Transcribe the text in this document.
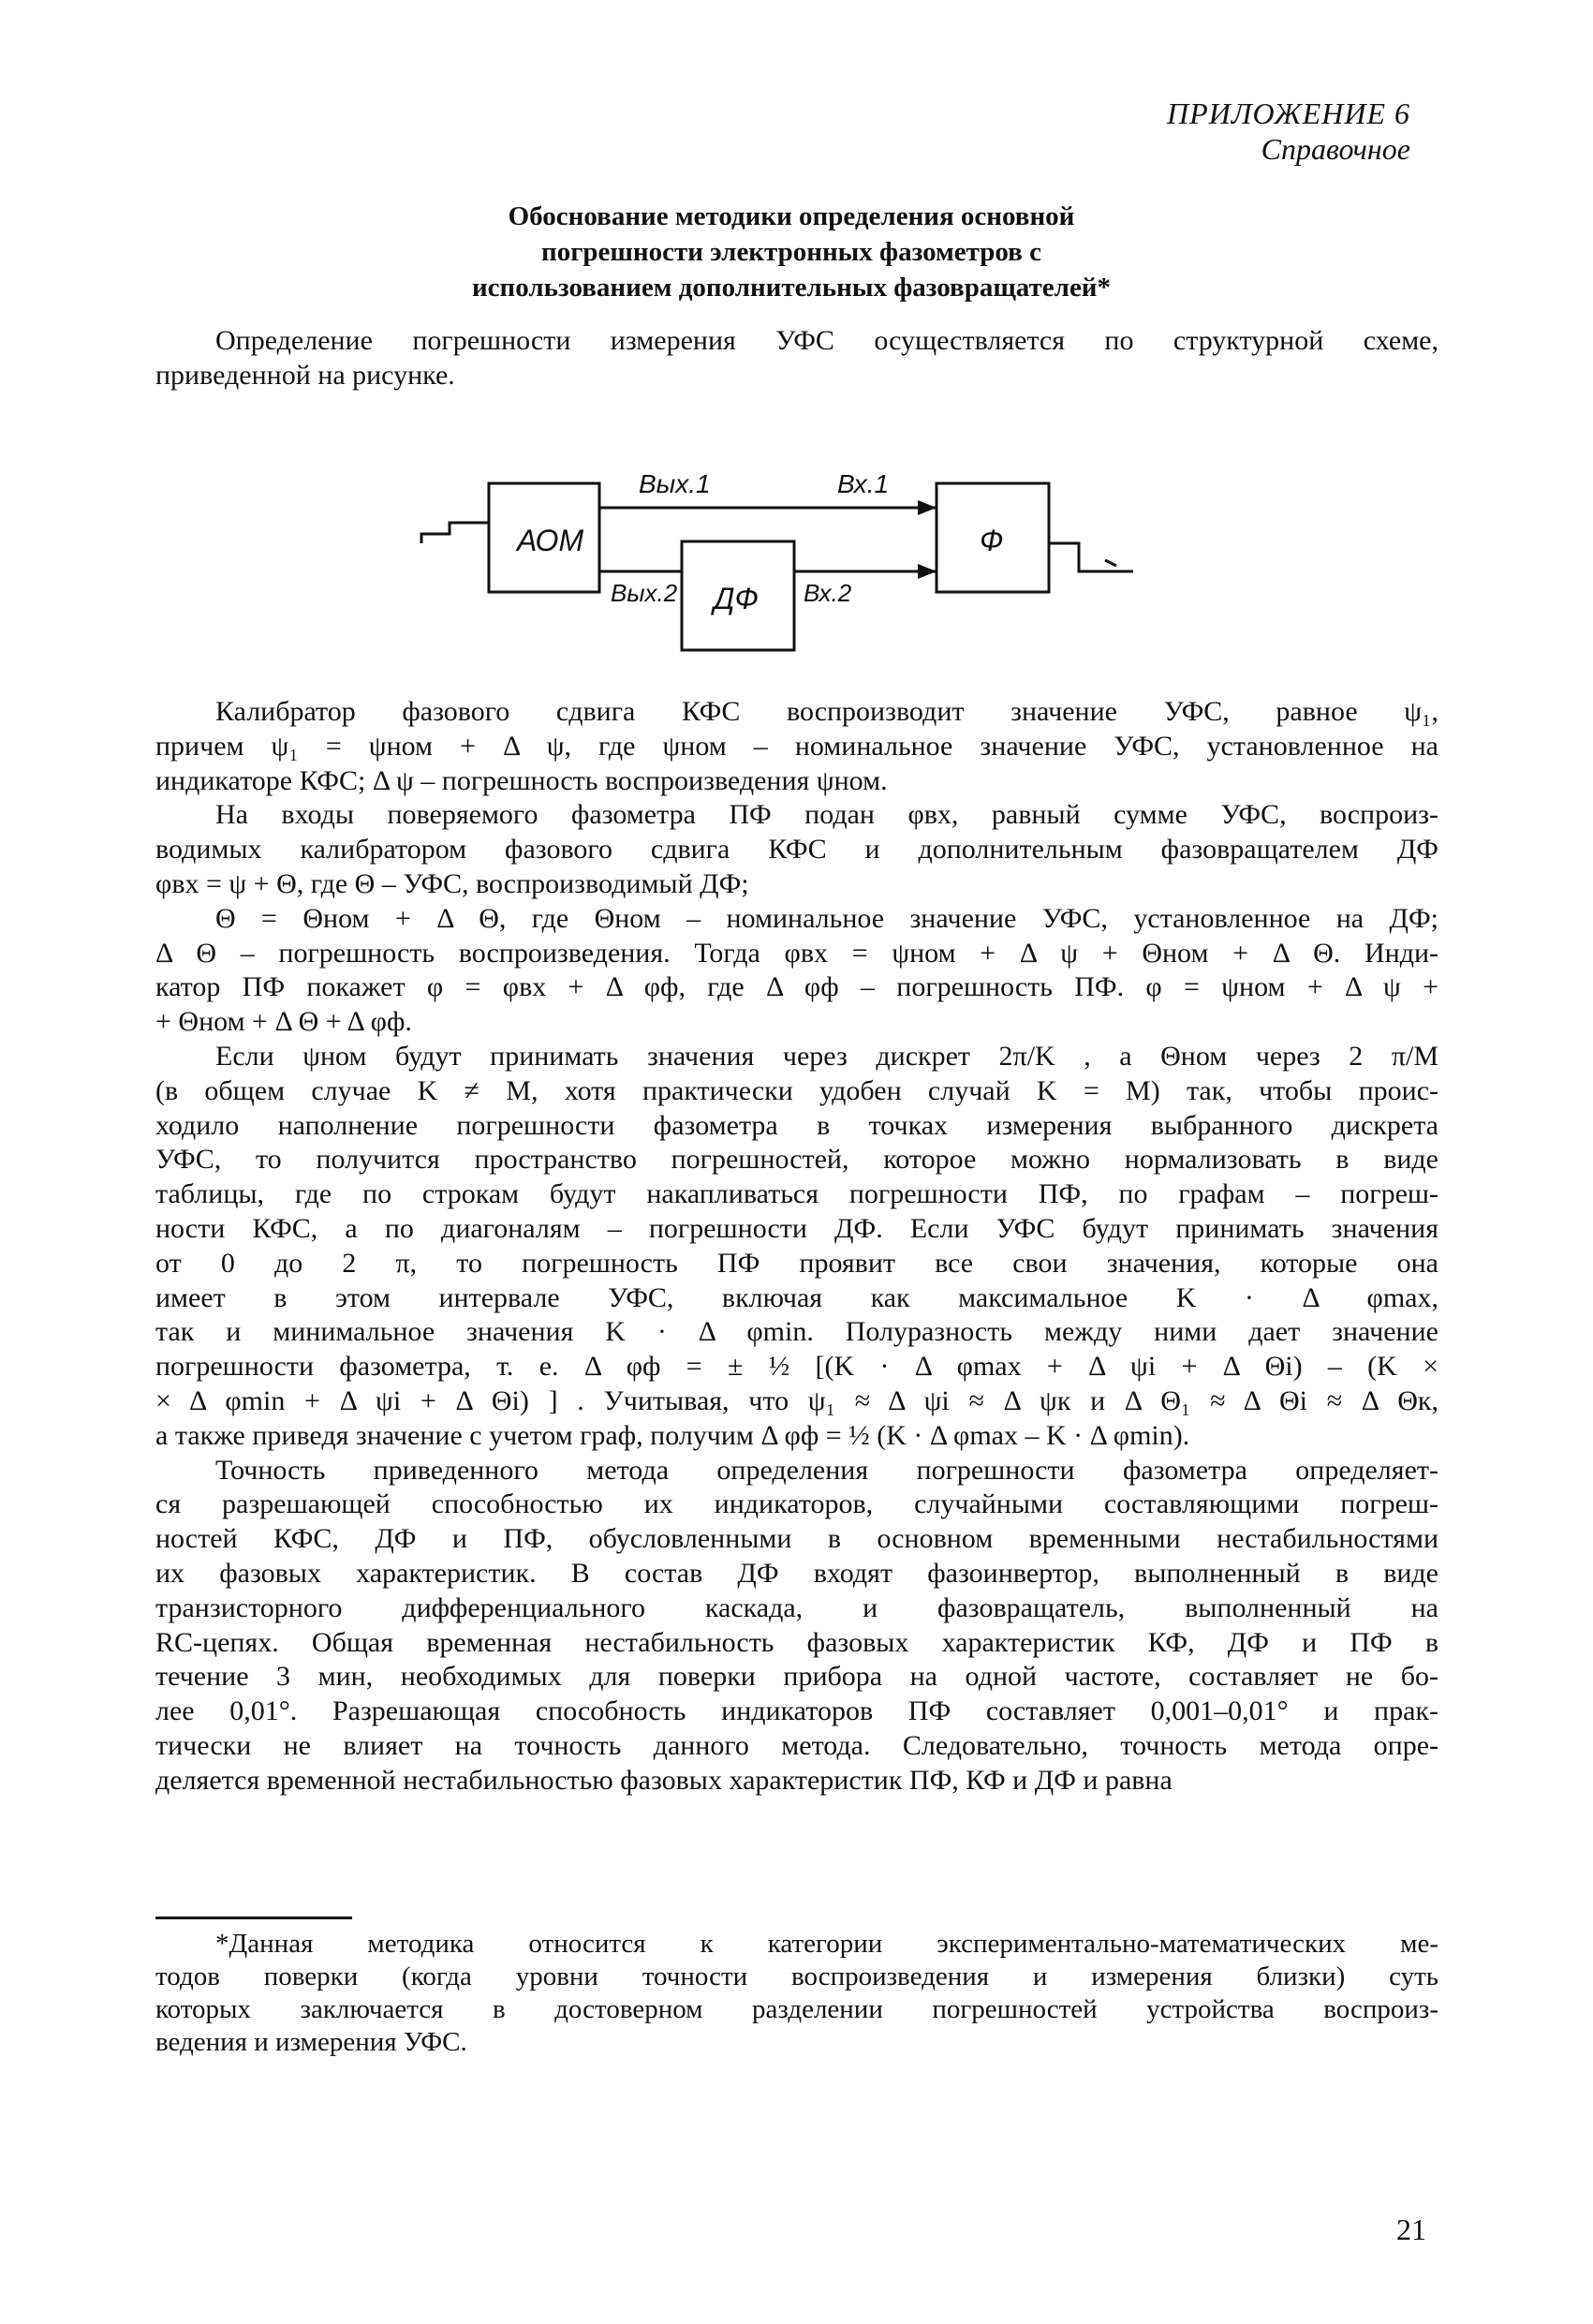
ПРИЛОЖЕНИЕ 6
Справочное
Обоснование методики определения основной
погрешности электронных фазометров с
использованием дополнительных фазовращателей*
Определение погрешности измерения УФС осуществляется по структурной схеме,
приведенной на рисунке.
АОМ
ДФ
Ф
Вых.1	Вх.1
Вых.2	Вх.2
Калибратор фазового сдвига КФС воспроизводит значение УФС, равное ψ₁,
причем ψ₁ = ψном + Δ ψ, где ψном – номинальное значение УФС, установленное на
индикаторе КФС; Δ ψ – погрешность воспроизведения ψном.
На входы поверяемого фазометра ПФ подан φвх, равный сумме УФС, воспроиз-
водимых калибратором фазового сдвига КФС и дополнительным фазовращателем ДФ
φвх = ψ + Θ, где Θ – УФС, воспроизводимый ДФ;
Θ = Θном + Δ Θ, где Θном – номинальное значение УФС, установленное на ДФ;
Δ Θ – погрешность воспроизведения. Тогда φвх = ψном + Δ ψ + Θном + Δ Θ. Инди-
катор ПФ покажет φ = φвх + Δ φф, где Δ φф – погрешность ПФ. φ = ψном + Δ ψ +
+ Θном + Δ Θ + Δ φф.
Если ψном будут принимать значения через дискрет 2π/K , а Θном через 2 π/M
(в общем случае K ≠ M, хотя практически удобен случай K = M) так, чтобы проис-
ходило наполнение погрешности фазометра в точках измерения выбранного дискрета
УФС, то получится пространство погрешностей, которое можно нормализовать в виде
таблицы, где по строкам будут накапливаться погрешности ПФ, по графам – погреш-
ности КФС, а по диагоналям – погрешности ДФ. Если УФС будут принимать значения
от 0 до 2 π, то погрешность ПФ проявит все свои значения, которые она
имеет в этом интервале УФС, включая как максимальное K · Δ φmax,
так и минимальное значения K · Δ φmin. Полуразность между ними дает значение
погрешности фазометра, т. е. Δ φф = ± ½ [(K · Δ φmax + Δ ψi + Δ Θi) – (K ×
× Δ φmin + Δ ψi + Δ Θi) ] . Учитывая, что ψ₁ ≈ Δ ψi ≈ Δ ψк и Δ Θ₁ ≈ Δ Θi ≈ Δ Θк,
а также приведя значение с учетом граф, получим Δ φф = ½ (K · Δ φmax – K · Δ φmin).
Точность приведенного метода определения погрешности фазометра определяет-
ся разрешающей способностью их индикаторов, случайными составляющими погреш-
ностей КФС, ДФ и ПФ, обусловленными в основном временными нестабильностями
их фазовых характеристик. В состав ДФ входят фазоинвертор, выполненный в виде
транзисторного дифференциального каскада, и фазовращатель, выполненный на
RC-цепях. Общая временная нестабильность фазовых характеристик КФ, ДФ и ПФ в
течение 3 мин, необходимых для поверки прибора на одной частоте, составляет не бо-
лее 0,01°. Разрешающая способность индикаторов ПФ составляет 0,001–0,01° и прак-
тически не влияет на точность данного метода. Следовательно, точность метода опре-
деляется временной нестабильностью фазовых характеристик ПФ, КФ и ДФ и равна
*Данная методика относится к категории экспериментально-математических ме-
тодов поверки (когда уровни точности воспроизведения и измерения близки) суть
которых заключается в достоверном разделении погрешностей устройства воспроиз-
ведения и измерения УФС.
21
